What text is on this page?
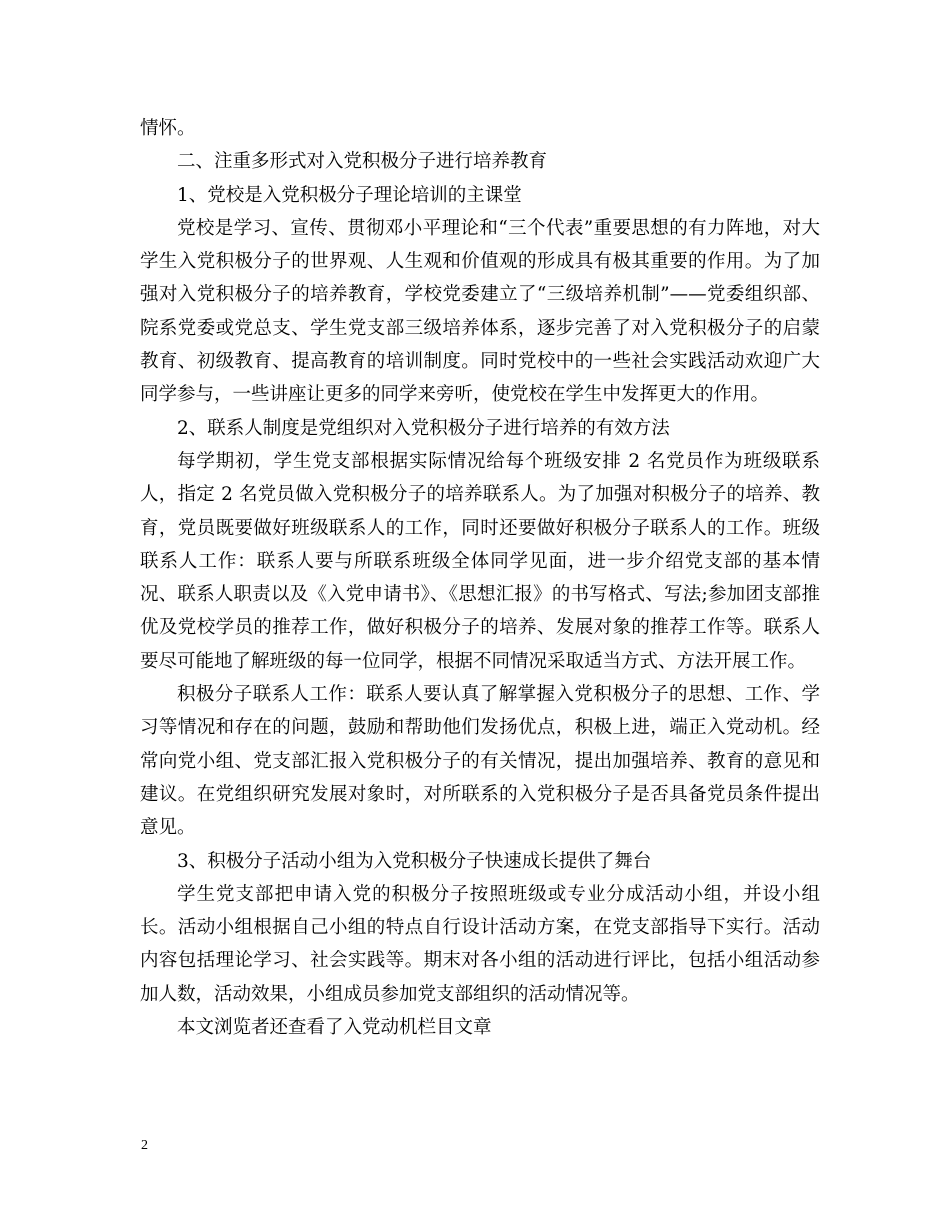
情怀。

二、注重多形式对入党积极分子进行培养教育

1、党校是入党积极分子理论培训的主课堂

党校是学习、宣传、贯彻邓小平理论和“三个代表”重要思想的有力阵地，对大学生入党积极分子的世界观、人生观和价值观的形成具有极其重要的作用。为了加强对入党积极分子的培养教育，学校党委建立了“三级培养机制”——党委组织部、院系党委或党总支、学生党支部三级培养体系，逐步完善了对入党积极分子的启蒙教育、初级教育、提高教育的培训制度。同时党校中的一些社会实践活动欢迎广大同学参与，一些讲座让更多的同学来旁听，使党校在学生中发挥更大的作用。

2、联系人制度是党组织对入党积极分子进行培养的有效方法

每学期初，学生党支部根据实际情况给每个班级安排 2 名党员作为班级联系人，指定 2 名党员做入党积极分子的培养联系人。为了加强对积极分子的培养、教育，党员既要做好班级联系人的工作，同时还要做好积极分子联系人的工作。班级联系人工作：联系人要与所联系班级全体同学见面，进一步介绍党支部的基本情况、联系人职责以及《入党申请书》、《思想汇报》的书写格式、写法;参加团支部推优及党校学员的推荐工作，做好积极分子的培养、发展对象的推荐工作等。联系人要尽可能地了解班级的每一位同学，根据不同情况采取适当方式、方法开展工作。

积极分子联系人工作：联系人要认真了解掌握入党积极分子的思想、工作、学习等情况和存在的问题，鼓励和帮助他们发扬优点，积极上进，端正入党动机。经常向党小组、党支部汇报入党积极分子的有关情况，提出加强培养、教育的意见和建议。在党组织研究发展对象时，对所联系的入党积极分子是否具备党员条件提出意见。

3、积极分子活动小组为入党积极分子快速成长提供了舞台

学生党支部把申请入党的积极分子按照班级或专业分成活动小组，并设小组长。活动小组根据自己小组的特点自行设计活动方案，在党支部指导下实行。活动内容包括理论学习、社会实践等。期末对各小组的活动进行评比，包括小组活动参加人数，活动效果，小组成员参加党支部组织的活动情况等。

本文浏览者还查看了入党动机栏目文章

2
